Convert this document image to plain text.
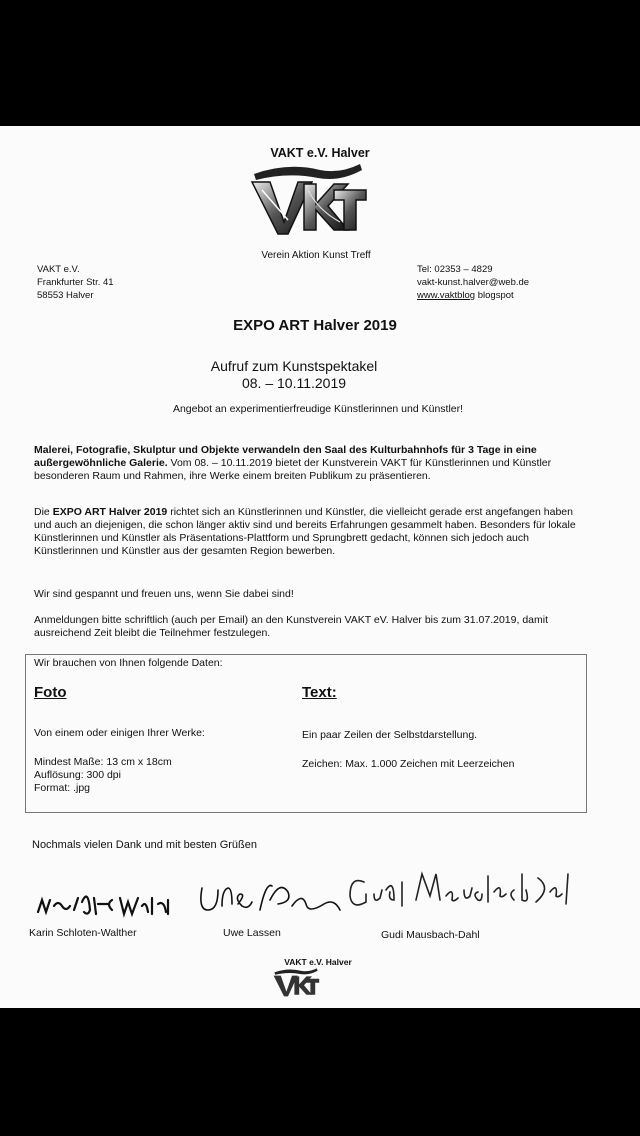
VAKT e.V. Halver
Verein Aktion Kunst Treff
VAKT e.V.
Frankfurter Str. 41
58553 Halver
Tel: 02353 – 4829
vakt-kunst.halver@web.de
www.vaktblog blogspot
EXPO ART Halver 2019
Aufruf zum Kunstspektakel
08. – 10.11.2019
Angebot an experimentierfreudige Künstlerinnen und Künstler!
Malerei, Fotografie, Skulptur und Objekte verwandeln den Saal des Kulturbahnhofs für 3 Tage in eine außergewöhnliche Galerie. Vom 08. – 10.11.2019 bietet der Kunstverein VAKT für Künstlerinnen und Künstler besonderen Raum und Rahmen, ihre Werke einem breiten Publikum zu präsentieren.
Die EXPO ART Halver 2019 richtet sich an Künstlerinnen und Künstler, die vielleicht gerade erst angefangen haben und auch an diejenigen, die schon länger aktiv sind und bereits Erfahrungen gesammelt haben. Besonders für lokale Künstlerinnen und Künstler als Präsentations-Plattform und Sprungbrett gedacht, können sich jedoch auch Künstlerinnen und Künstler aus der gesamten Region bewerben.
Wir sind gespannt und freuen uns, wenn Sie dabei sind!
Anmeldungen bitte schriftlich (auch per Email) an den Kunstverein VAKT eV. Halver bis zum 31.07.2019, damit ausreichend Zeit bleibt die Teilnehmer festzulegen.
Wir brauchen von Ihnen folgende Daten:
Foto
Von einem oder einigen Ihrer Werke:
Mindest Maße: 13 cm x 18cm
Auflösung: 300 dpi
Format: .jpg
Text:
Ein paar Zeilen der Selbstdarstellung.
Zeichen: Max. 1.000 Zeichen mit Leerzeichen
Nochmals vielen Dank und mit besten Grüßen
Karin Schloten-Walther	Uwe Lassen	Gudi Mausbach-Dahl
VAKT e.V. Halver
